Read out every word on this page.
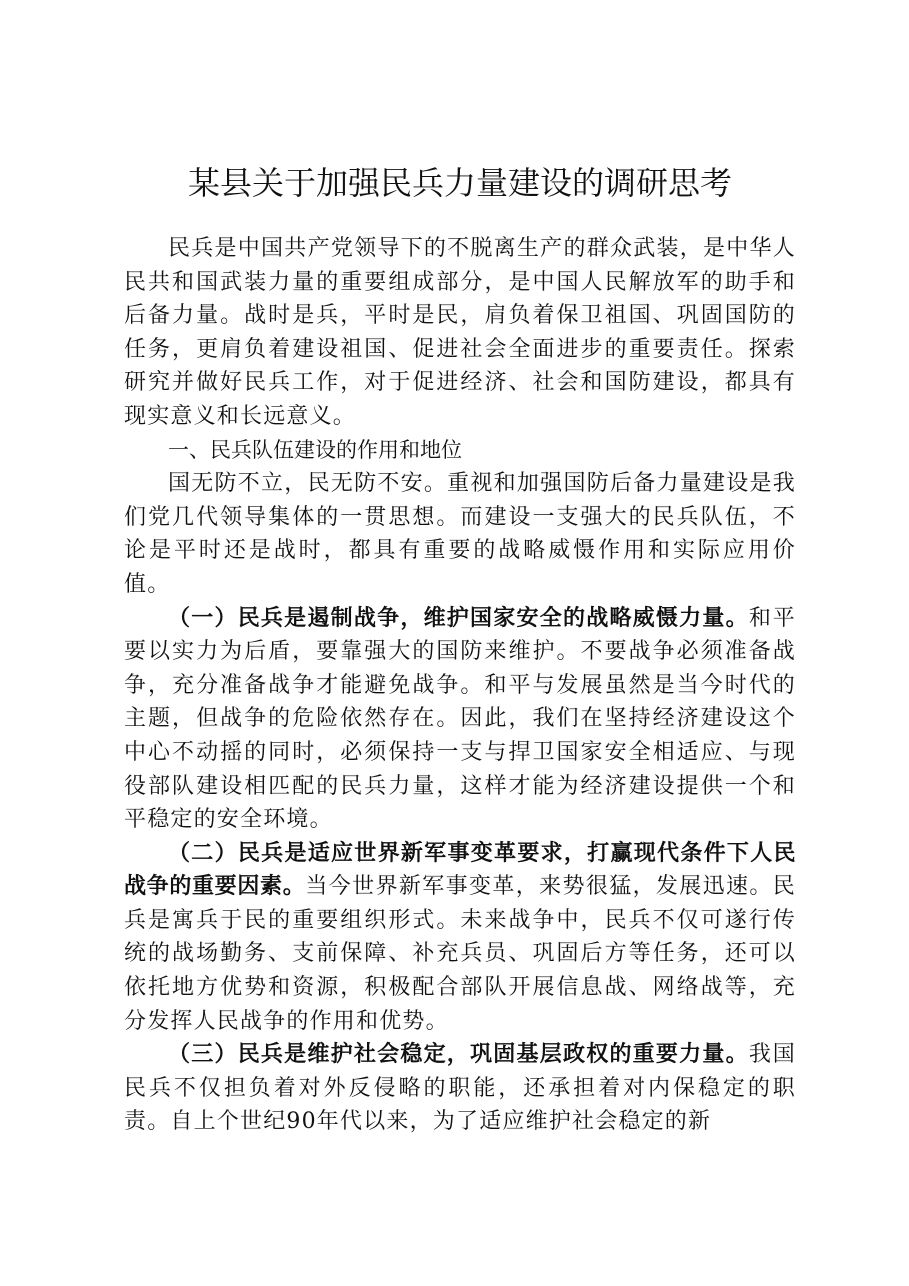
某县关于加强民兵力量建设的调研思考

民兵是中国共产党领导下的不脱离生产的群众武装，是中华人民共和国武装力量的重要组成部分，是中国人民解放军的助手和后备力量。战时是兵，平时是民，肩负着保卫祖国、巩固国防的任务，更肩负着建设祖国、促进社会全面进步的重要责任。探索研究并做好民兵工作，对于促进经济、社会和国防建设，都具有现实意义和长远意义。

一、民兵队伍建设的作用和地位

国无防不立，民无防不安。重视和加强国防后备力量建设是我们党几代领导集体的一贯思想。而建设一支强大的民兵队伍，不论是平时还是战时，都具有重要的战略威慑作用和实际应用价值。

（一）民兵是遏制战争，维护国家安全的战略威慑力量。和平要以实力为后盾，要靠强大的国防来维护。不要战争必须准备战争，充分准备战争才能避免战争。和平与发展虽然是当今时代的主题，但战争的危险依然存在。因此，我们在坚持经济建设这个中心不动摇的同时，必须保持一支与捍卫国家安全相适应、与现役部队建设相匹配的民兵力量，这样才能为经济建设提供一个和平稳定的安全环境。

（二）民兵是适应世界新军事变革要求，打赢现代条件下人民战争的重要因素。当今世界新军事变革，来势很猛，发展迅速。民兵是寓兵于民的重要组织形式。未来战争中，民兵不仅可遂行传统的战场勤务、支前保障、补充兵员、巩固后方等任务，还可以依托地方优势和资源，积极配合部队开展信息战、网络战等，充分发挥人民战争的作用和优势。

（三）民兵是维护社会稳定，巩固基层政权的重要力量。我国民兵不仅担负着对外反侵略的职能，还承担着对内保稳定的职责。自上个世纪90年代以来，为了适应维护社会稳定的新
